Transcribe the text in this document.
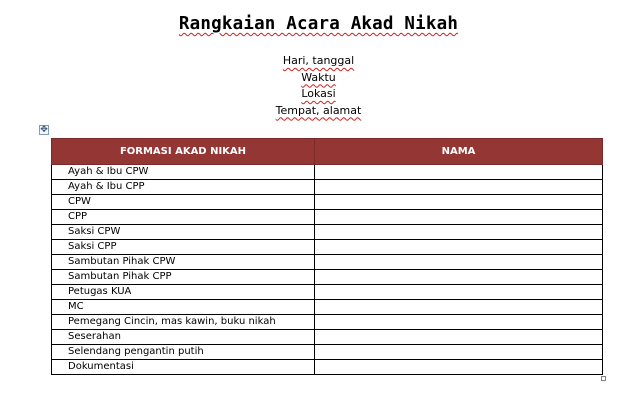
Rangkaian Acara Akad Nikah
Hari, tanggal
Waktu
Lokasi
Tempat, alamat
✥
FORMASI AKAD NIKAH	NAMA
Ayah & Ibu CPW	
Ayah & Ibu CPP	
CPW	
CPP	
Saksi CPW	
Saksi CPP	
Sambutan Pihak CPW	
Sambutan Pihak CPP	
Petugas KUA	
MC	
Pemegang Cincin, mas kawin, buku nikah	
Seserahan	
Selendang pengantin putih	
Dokumentasi	
